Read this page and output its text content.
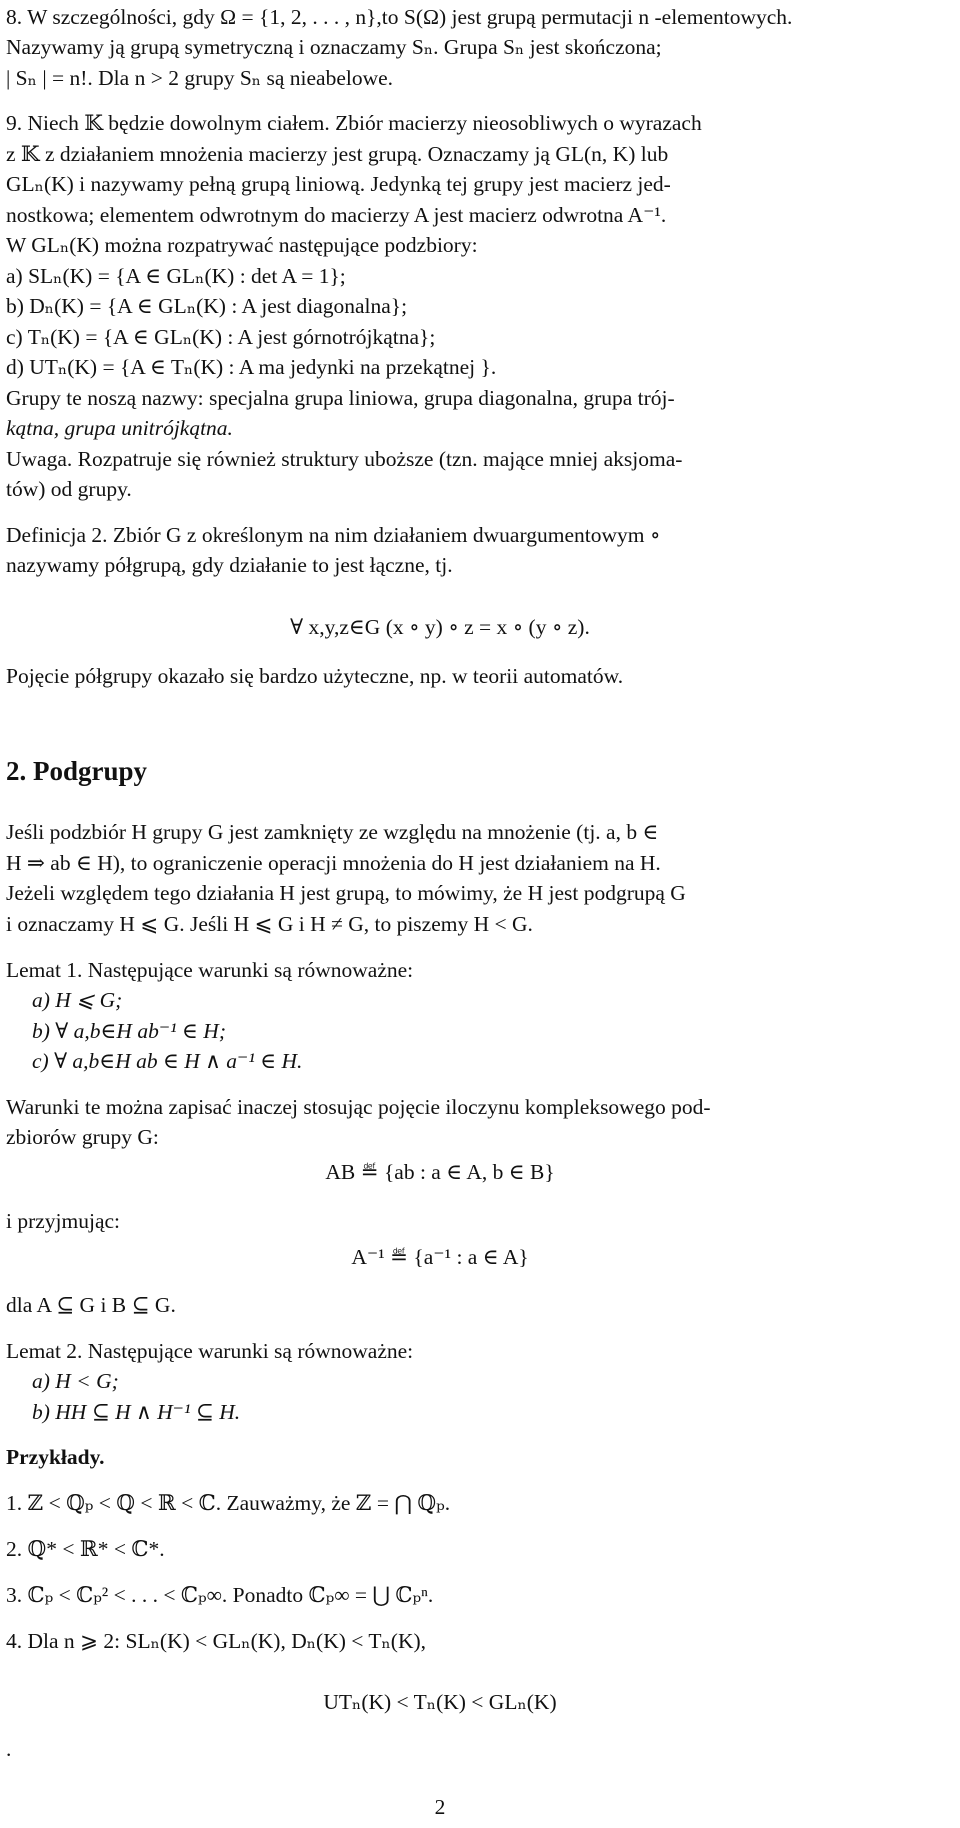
8. W szczególności, gdy Ω = {1, 2, . . . , n},to S(Ω) jest grupą permutacji n -elementowych.
Nazywamy ją grupą symetryczną i oznaczamy Sₙ. Grupa Sₙ jest skończona;
| Sₙ | = n!. Dla n > 2 grupy Sₙ są nieabelowe.
9. Niech 𝕂 będzie dowolnym ciałem. Zbiór macierzy nieosobliwych o wyrazach
z 𝕂 z działaniem mnożenia macierzy jest grupą. Oznaczamy ją GL(n, K) lub
GLₙ(K) i nazywamy pełną grupą liniową. Jedynką tej grupy jest macierz jed-
nostkowa; elementem odwrotnym do macierzy A jest macierz odwrotna A⁻¹.
W GLₙ(K) można rozpatrywać następujące podzbiory:
a) SLₙ(K) = {A ∈ GLₙ(K) : det A = 1};
b) Dₙ(K) = {A ∈ GLₙ(K) : A jest diagonalna};
c) Tₙ(K) = {A ∈ GLₙ(K) : A jest górnotrójkątna};
d) UTₙ(K) = {A ∈ Tₙ(K) : A ma jedynki na przekątnej }.
Grupy te noszą nazwy: specjalna grupa liniowa, grupa diagonalna, grupa trój-
kątna, grupa unitrójkątna.
Uwaga. Rozpatruje się również struktury uboższe (tzn. mające mniej aksjoma-
tów) od grupy.
Definicja 2. Zbiór G z określonym na nim działaniem dwuargumentowym ∘
nazywamy półgrupą, gdy działanie to jest łączne, tj.
∀ x,y,z∈G (x ∘ y) ∘ z = x ∘ (y ∘ z).
Pojęcie półgrupy okazało się bardzo użyteczne, np. w teorii automatów.
2. Podgrupy
Jeśli podzbiór H grupy G jest zamknięty ze względu na mnożenie (tj. a, b ∈
H ⇒ ab ∈ H), to ograniczenie operacji mnożenia do H jest działaniem na H.
Jeżeli względem tego działania H jest grupą, to mówimy, że H jest podgrupą G
i oznaczamy H ⩽ G. Jeśli H ⩽ G i H ≠ G, to piszemy H < G.
Lemat 1. Następujące warunki są równoważne:
a) H ⩽ G;
b) ∀ a,b∈H ab⁻¹ ∈ H;
c) ∀ a,b∈H ab ∈ H ∧ a⁻¹ ∈ H.
Warunki te można zapisać inaczej stosując pojęcie iloczynu kompleksowego pod-
zbiorów grupy G:
AB ≝ {ab : a ∈ A, b ∈ B}
i przyjmując:
A⁻¹ ≝ {a⁻¹ : a ∈ A}
dla A ⊆ G i B ⊆ G.
Lemat 2. Następujące warunki są równoważne:
a) H < G;
b) HH ⊆ H ∧ H⁻¹ ⊆ H.
Przykłady.
1. ℤ < ℚₚ < ℚ < ℝ < ℂ. Zauważmy, że ℤ = ⋂ ℚₚ.
2. ℚ* < ℝ* < ℂ*.
3. ℂₚ < ℂₚ² < . . . < ℂₚ∞. Ponadto ℂₚ∞ = ⋃ ℂₚⁿ.
4. Dla n ⩾ 2: SLₙ(K) < GLₙ(K), Dₙ(K) < Tₙ(K),
UTₙ(K) < Tₙ(K) < GLₙ(K)
.
2
